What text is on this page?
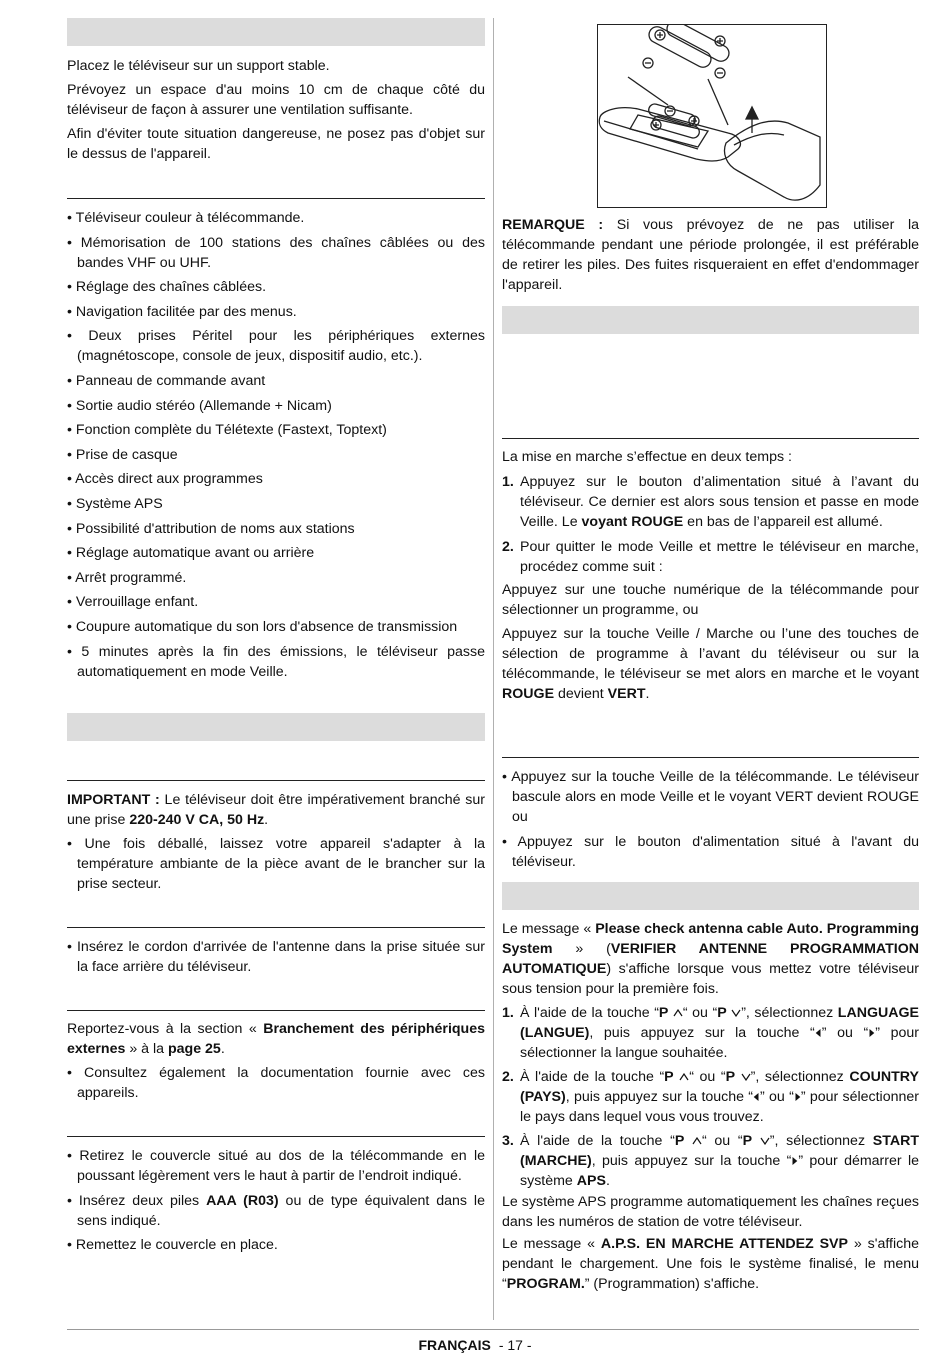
Placez le téléviseur sur un support stable.

Prévoyez un espace d'au moins 10 cm de chaque côté du téléviseur de façon à assurer une ventilation suffisante.

Afin d'éviter toute situation dangereuse, ne posez pas d'objet sur le dessus de l'appareil.

• Téléviseur couleur à télécommande.
• Mémorisation de 100 stations des chaînes câblées ou des bandes VHF ou UHF.
• Réglage des chaînes câblées.
• Navigation facilitée par des menus.
• Deux prises Péritel pour les périphériques externes (magnétoscope, console de jeux, dispositif audio, etc.).
• Panneau de commande avant
• Sortie audio stéréo (Allemande + Nicam)
• Fonction complète du Télétexte (Fastext, Toptext)
• Prise de casque
• Accès direct aux programmes
• Système APS
• Possibilité d'attribution de noms aux stations
• Réglage automatique avant ou arrière
• Arrêt programmé.
• Verrouillage enfant.
• Coupure automatique du son lors d'absence de transmission
• 5 minutes après la fin des émissions, le téléviseur passe automatiquement en mode Veille.

IMPORTANT : Le téléviseur doit être impérativement branché sur une prise 220-240 V CA, 50 Hz.

• Une fois déballé, laissez votre appareil s'adapter à la température ambiante de la pièce avant de le brancher sur la prise secteur.
• Insérez le cordon d'arrivée de l'antenne dans la prise située sur la face arrière du téléviseur.

Reportez-vous à la section « Branchement des périphériques externes » à la page 25.

• Consultez également la documentation fournie avec ces appareils.
• Retirez le couvercle situé au dos de la télécommande en le poussant légèrement vers le haut à partir de l’endroit indiqué.
• Insérez deux piles AAA (R03) ou de type équivalent dans le sens indiqué.
• Remettez le couvercle en place.

REMARQUE : Si vous prévoyez de ne pas utiliser la télécommande pendant une période prolongée, il est préférable de retirer les piles. Des fuites risqueraient en effet d'endommager l'appareil.

La mise en marche s’effectue en deux temps :

1. Appuyez sur le bouton d’alimentation situé à l’avant du téléviseur. Ce dernier est alors sous tension et passe en mode Veille. Le voyant ROUGE en bas de l’appareil est allumé.
2. Pour quitter le mode Veille et mettre le téléviseur en marche, procédez comme suit :

Appuyez sur une touche numérique de la télécommande pour sélectionner un programme, ou

Appuyez sur la touche Veille / Marche ou l’une des touches de sélection de programme à l’avant du téléviseur ou sur la télécommande, le téléviseur se met alors en marche et le voyant ROUGE devient VERT.

• Appuyez sur la touche Veille de la télécommande. Le téléviseur bascule alors en mode Veille et le voyant VERT devient ROUGE ou
• Appuyez sur le bouton d'alimentation situé à l'avant du téléviseur.

Le message « Please check antenna cable Auto. Programming System » (VERIFIER ANTENNE PROGRAMMATION AUTOMATIQUE) s'affiche lorsque vous mettez votre téléviseur sous tension pour la première fois.

1. À l'aide de la touche “P “ ou “P ”, sélectionnez LANGUAGE (LANGUE), puis appuyez sur la touche “ ” ou “ ” pour sélectionner la langue souhaitée.
2. À l'aide de la touche “P “ ou “P ”, sélectionnez COUNTRY (PAYS), puis appuyez sur la touche “ ” ou “ ” pour sélectionner le pays dans lequel vous vous trouvez.
3. À l'aide de la touche “P “ ou “P ”, sélectionnez START (MARCHE), puis appuyez sur la touche “ ” pour démarrer le système APS.

Le système APS programme automatiquement les chaînes reçues dans les numéros de station de votre téléviseur.

Le message « A.P.S. EN MARCHE ATTENDEZ SVP » s'affiche pendant le chargement. Une fois le système finalisé, le menu “PROGRAM.” (Programmation) s'affiche.

FRANÇAIS - 17 -
